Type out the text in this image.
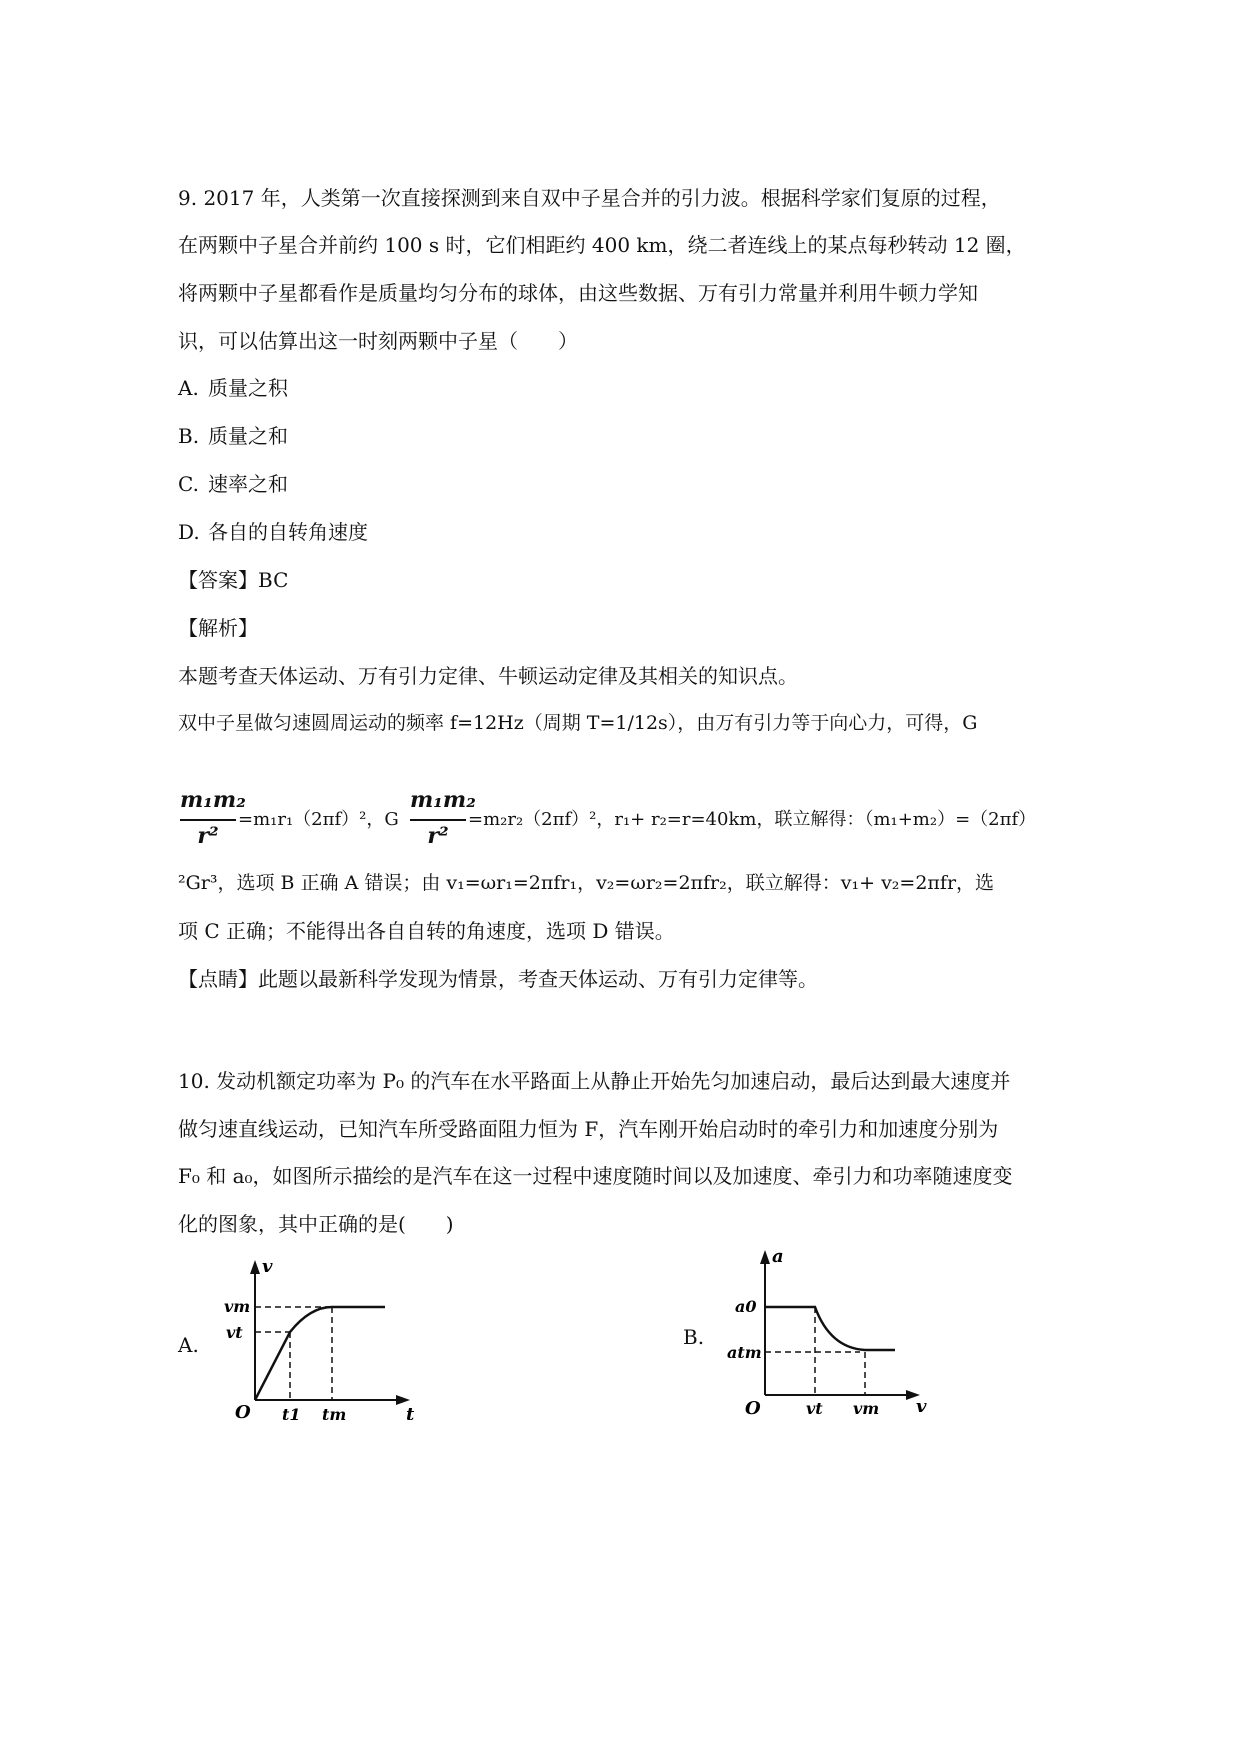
9. 2017 年，人类第一次直接探测到来自双中子星合并的引力波。根据科学家们复原的过程，
在两颗中子星合并前约 100 s 时，它们相距约 400 km，绕二者连线上的某点每秒转动 12 圈，
将两颗中子星都看作是质量均匀分布的球体，由这些数据、万有引力常量并利用牛顿力学知
识，可以估算出这一时刻两颗中子星（　　）
A. 质量之积
B. 质量之和
C. 速率之和
D. 各自的自转角速度
【答案】BC
【解析】
本题考查天体运动、万有引力定律、牛顿运动定律及其相关的知识点。
双中子星做匀速圆周运动的频率 f=12Hz（周期 T=1/12s），由万有引力等于向心力，可得，G
m₁m₂
r²
=m₁r₁（2πf）²，G
m₁m₂
r²
=m₂r₂（2πf）²，r₁+ r₂=r=40km，联立解得：（m₁+m₂）=（2πf）
²Gr³，选项 B 正确 A 错误；由 v₁=ωr₁=2πfr₁，v₂=ωr₂=2πfr₂，联立解得：v₁+ v₂=2πfr，选
项 C 正确；不能得出各自自转的角速度，选项 D 错误。
【点睛】此题以最新科学发现为情景，考查天体运动、万有引力定律等。
10. 发动机额定功率为 P₀ 的汽车在水平路面上从静止开始先匀加速启动，最后达到最大速度并
做匀速直线运动，已知汽车所受路面阻力恒为 F，汽车刚开始启动时的牵引力和加速度分别为
F₀ 和 a₀，如图所示描绘的是汽车在这一过程中速度随时间以及加速度、牵引力和功率随速度变
化的图象，其中正确的是(　　)
A.
v
t
O
vm
vt
t1 tm
B.
a
v
O
a0
atm
vt vm
